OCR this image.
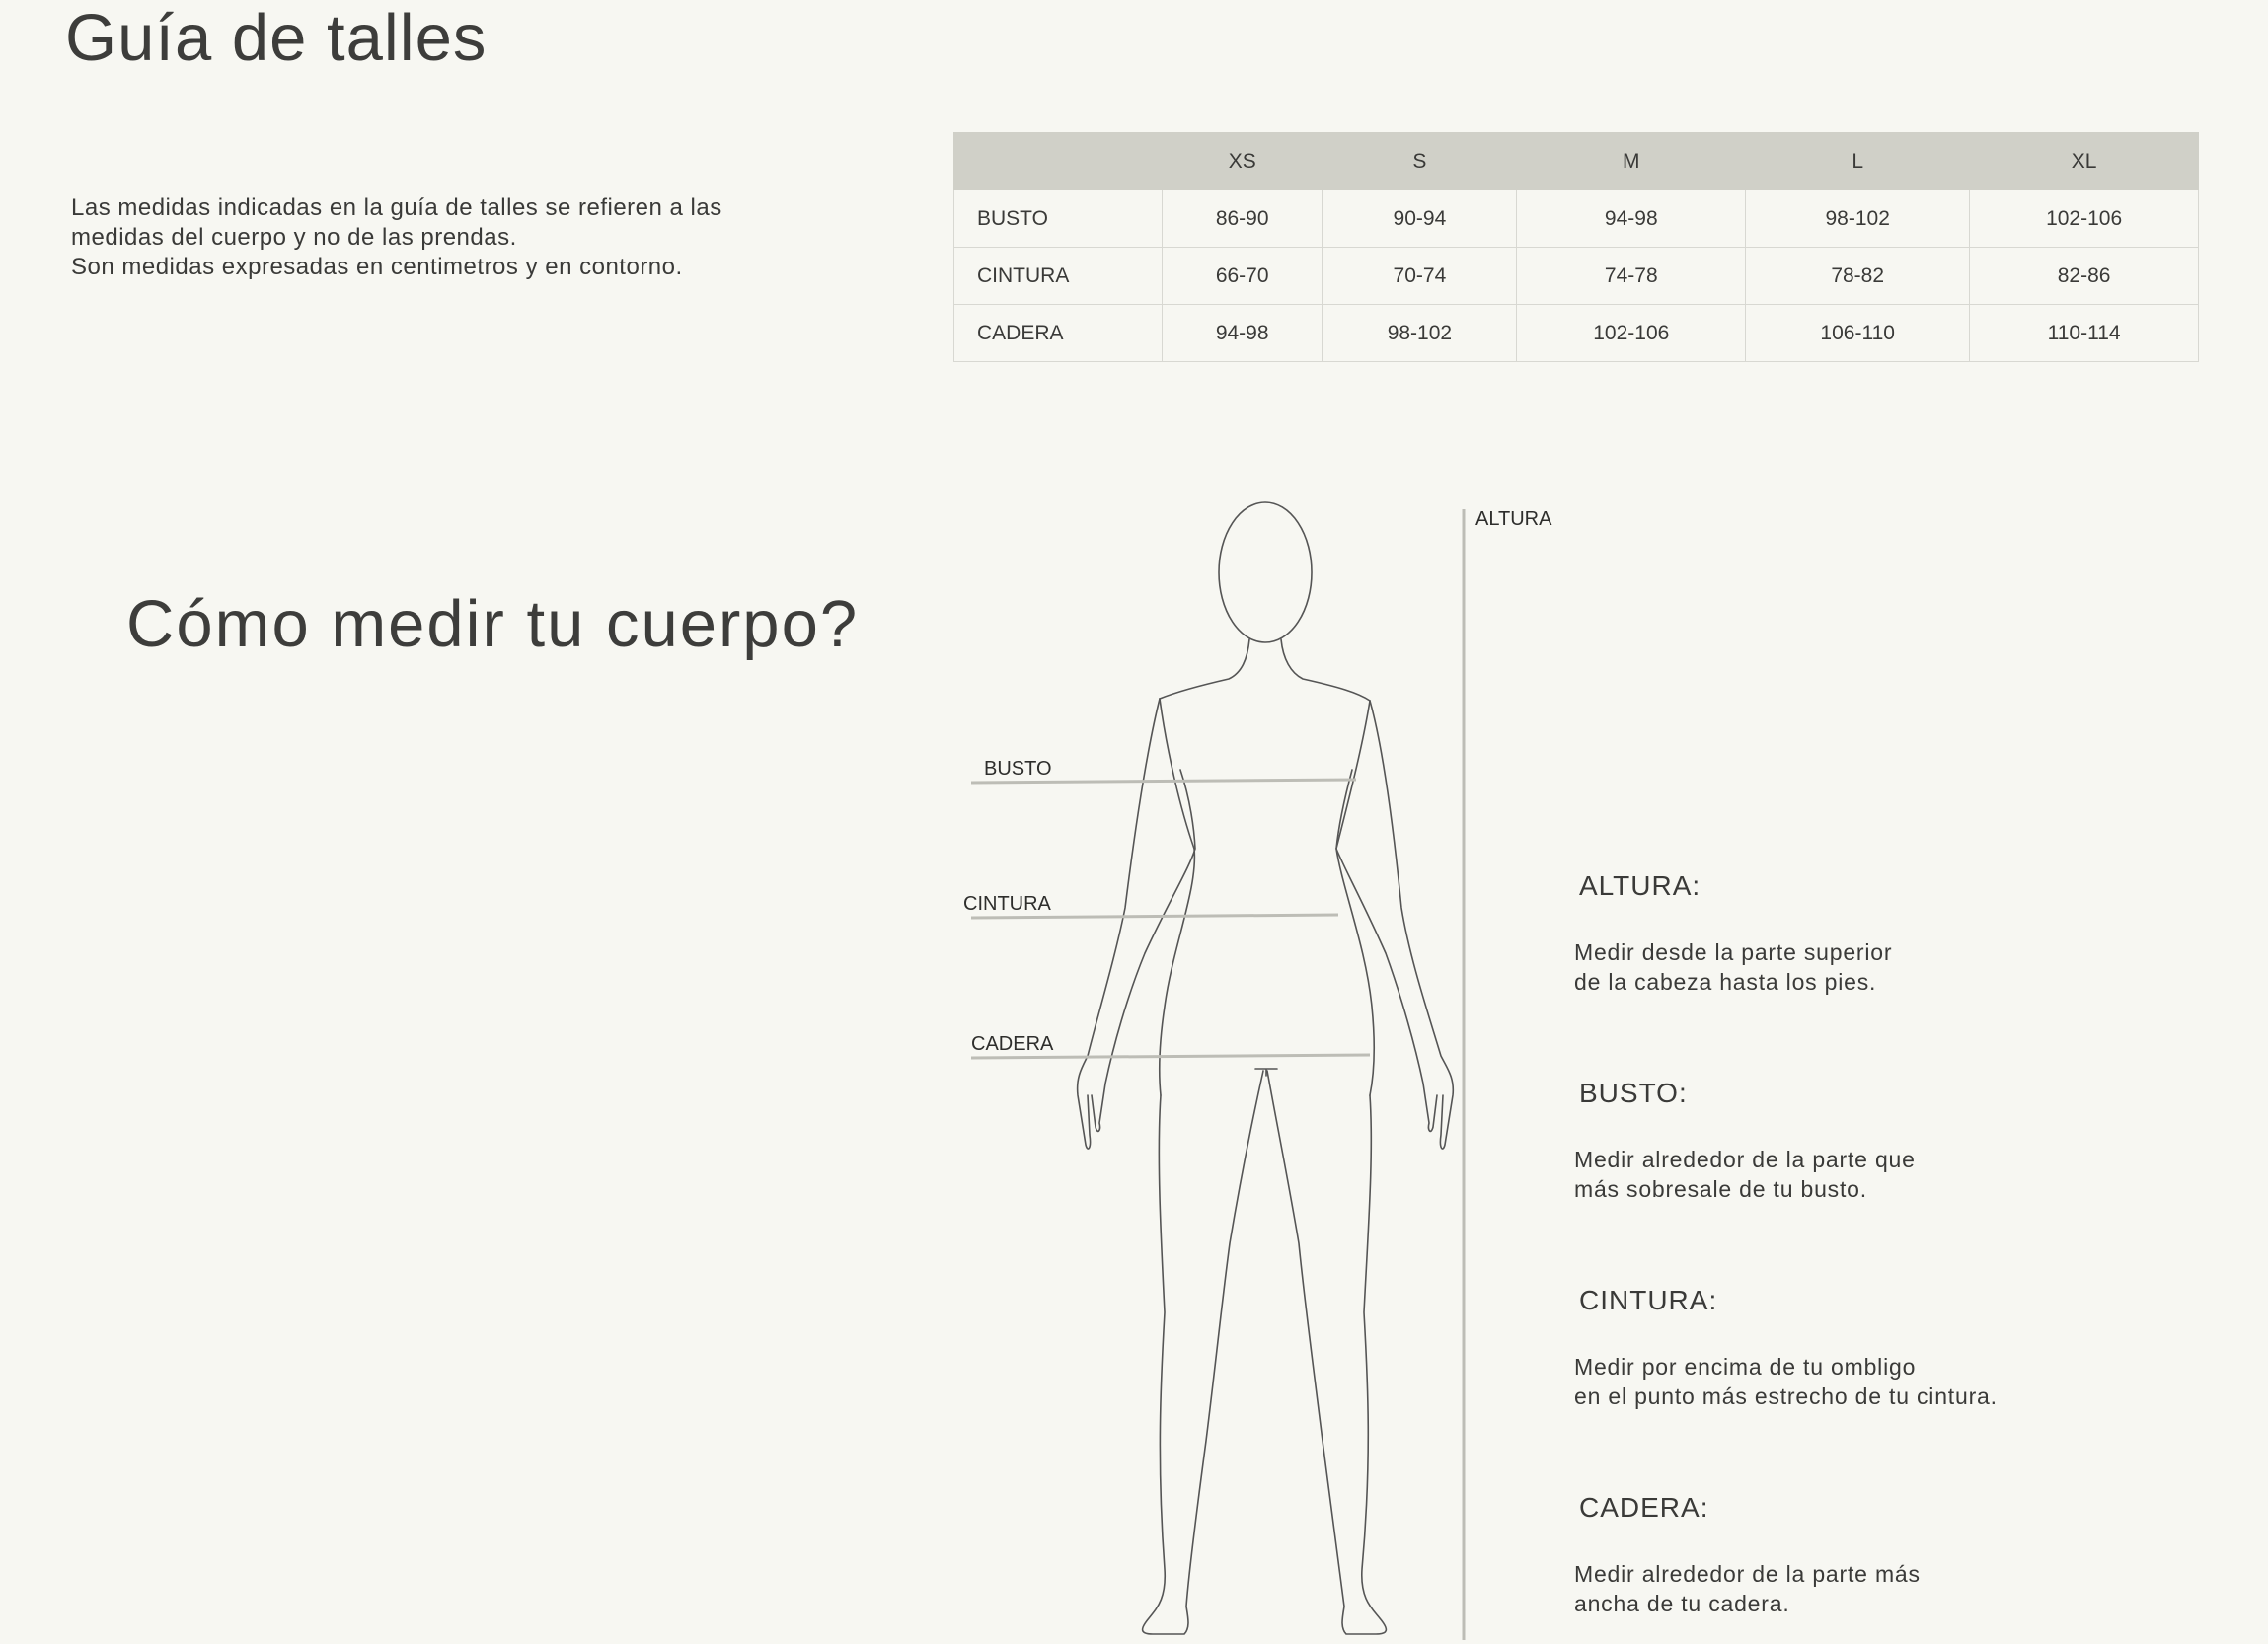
Guía de talles

Las medidas indicadas en la guía de talles se refieren a las

medidas del cuerpo y no de las prendas.

Son medidas expresadas en centimetros y en contorno.

	XS	S	M	L	XL
BUSTO	86-90	90-94	94-98	98-102	102-106
CINTURA	66-70	70-74	74-78	78-82	82-86
CADERA	94-98	98-102	102-106	106-110	110-114
Cómo medir tu cuerpo?
ALTURA
BUSTO
CINTURA
CADERA
ALTURA:

Medir desde la parte superior

de la cabeza hasta los pies.

BUSTO:

Medir alrededor de la parte que

más sobresale de tu busto.

CINTURA:

Medir por encima de tu ombligo

en el punto más estrecho de tu cintura.

CADERA:

Medir alrededor de la parte más

ancha de tu cadera.
